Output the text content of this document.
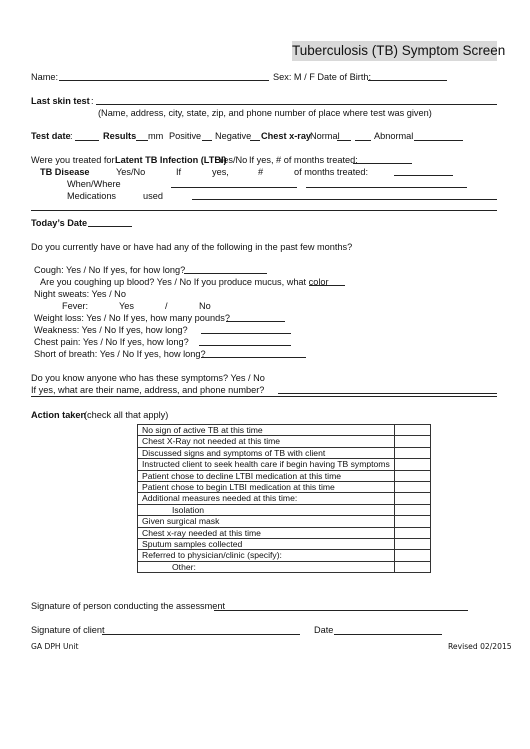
Tuberculosis (TB) Symptom Screen
Name:	Sex: M / F Date of Birth:
Last skin test :
(Name, address, city, state, zip, and phone number of place where test was given)
Test date :	Results mm Positive Negative Chest x-ray
Normal	Abnormal
Were you treated for:
Latent TB Infection (LTBI)
Yes/No If yes, # of months treated:
TB Disease	Yes/No	If	yes,	#	of months treated:
When/Where
Medications	used
Today’s Date
Do you currently have or have had any of the following in the past few months?
Cough: Yes / No If yes, for how long?
Are you coughing up blood? Yes / No If you produce mucus, what color
Night sweats: Yes / No
Fever:	Yes	/	No
Weight loss: Yes / No If yes, how many pounds?
Weakness: Yes / No If yes, how long?
Chest pain: Yes / No If yes, how long?
Short of breath: Yes / No If yes, how long?
Do you know anyone who has these symptoms? Yes / No
If yes, what are their name, address, and phone number?
Action taken
(check all that apply)
No sign of active TB at this time	
Chest X-Ray not needed at this time	
Discussed signs and symptoms of TB with client	
Instructed client to seek health care if begin having TB symptoms	
Patient chose to decline LTBI medication at this time	
Patient chose to begin LTBI medication at this time	
Additional measures needed at this time:	
Isolation	
Given surgical mask	
Chest x-ray needed at this time	
Sputum samples collected	
Referred to physician/clinic (specify):	
Other:	
Signature of person conducting the assessment
Signature of client	Date
GA DPH Unit	Revised 02/2015
